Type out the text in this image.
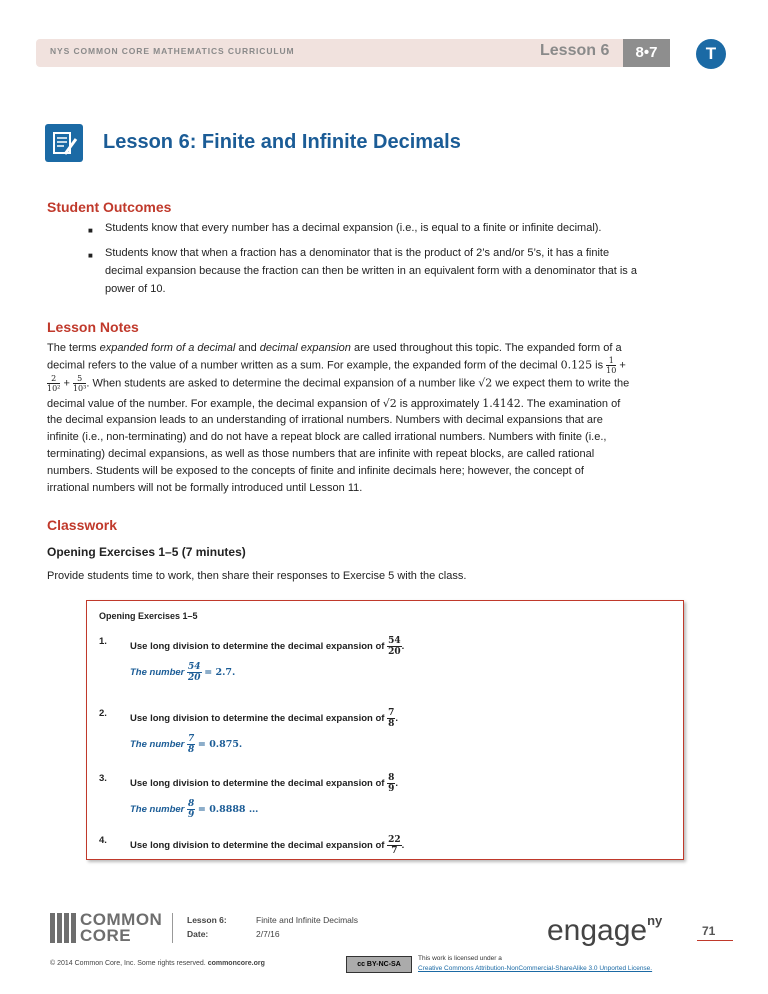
NYS COMMON CORE MATHEMATICS CURRICULUM	Lesson 6	8•7	T
Lesson 6: Finite and Infinite Decimals
Student Outcomes
■ Students know that every number has a decimal expansion (i.e., is equal to a finite or infinite decimal).
■ Students know that when a fraction has a denominator that is the product of 2’s and/or 5’s, it has a finite
decimal expansion because the fraction can then be written in an equivalent form with a denominator that is a
power of 10.
Lesson Notes
The terms expanded form of a decimal and decimal expansion are used throughout this topic. The expanded form of a
decimal refers to the value of a number written as a sum. For example, the expanded form of the decimal 0.125 is $\frac{1}{10}$ +
$\frac{2}{\text{10²}} + \frac{5}{\text{10³}}$ . When students are asked to determine the decimal expansion of a number like √2 we expect them to write the
decimal value of the number. For example, the decimal expansion of √2 is approximately 1.4142. The examination of
the decimal expansion leads to an understanding of irrational numbers. Numbers with decimal expansions that are
infinite (i.e., non-terminating) and do not have a repeat block are called irrational numbers. Numbers with finite (i.e.,
terminating) decimal expansions, as well as those numbers that are infinite with repeat blocks, are called rational
numbers. Students will be exposed to the concepts of finite and infinite decimals here; however, the concept of
irrational numbers will not be formally introduced until Lesson 11.
Classwork
Opening Exercises 1–5 (7 minutes)
Provide students time to work, then share their responses to Exercise 5 with the class.
Opening Exercises 1–5
1. Use long division to determine the decimal expansion of $\frac{54}{20}$ .
The number $\frac{54}{20} = 2.7$.
2. Use long division to determine the decimal expansion of $\frac{7}{8}$ .
The number $\frac{7}{8} = 0.875$.
3. Use long division to determine the decimal expansion of $\frac{8}{9}$ .
The number $\frac{8}{9} = 0.8888$ …
4. Use long division to determine the decimal expansion of $\frac{22}{7}$ .
COMMON
CORE
Lesson 6:
Date:
Finite and Infinite Decimals
2/7/16
© 2014 Common Core, Inc. Some rights reserved. commoncore.org
engage$^{ny}$
71
cc BY-NC-SA
This work is licensed under a
Creative Commons Attribution-NonCommercial-ShareAlike 3.0 Unported License.
